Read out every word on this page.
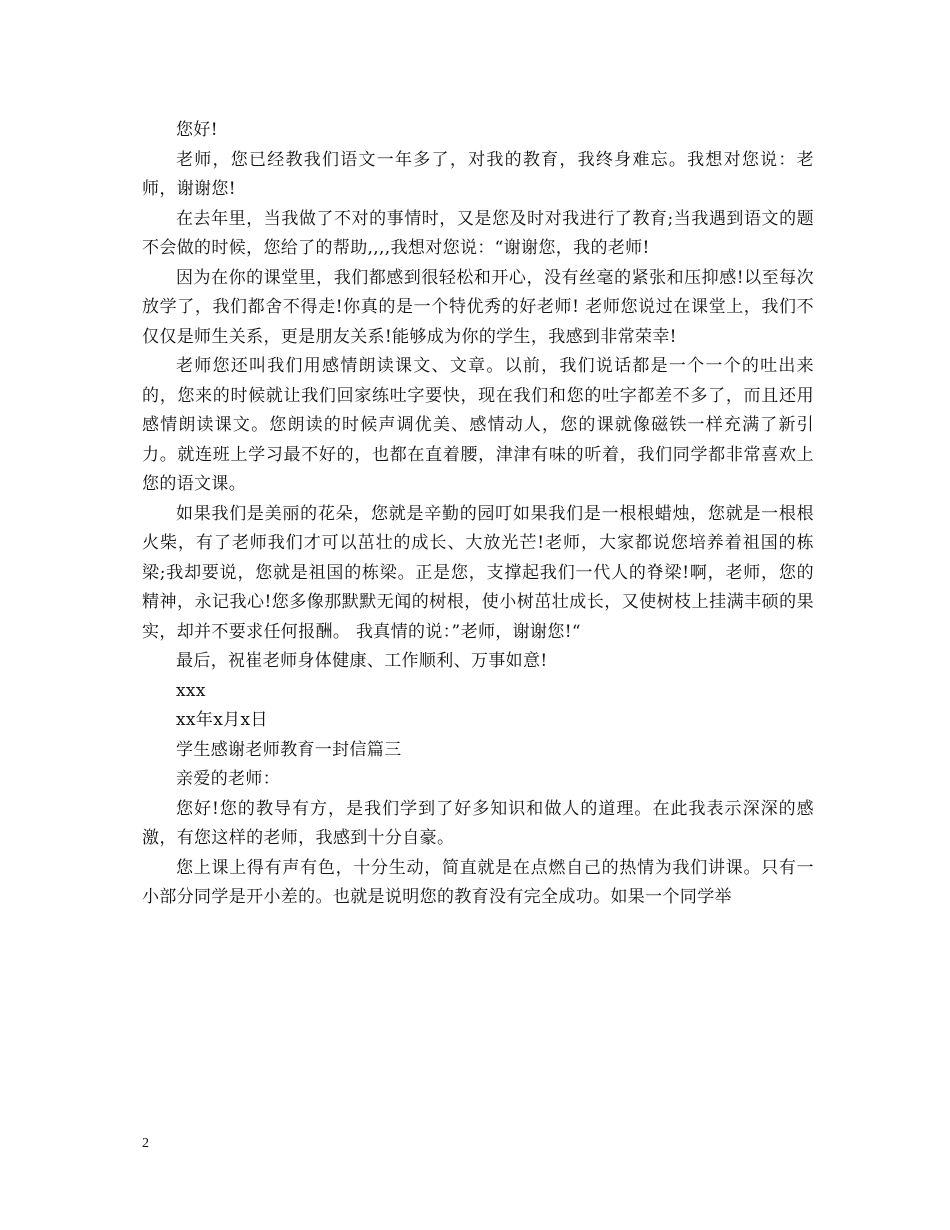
您好!

老师，您已经教我们语文一年多了，对我的教育，我终身难忘。我想对您说：老师，谢谢您!

在去年里，当我做了不对的事情时，又是您及时对我进行了教育;当我遇到语文的题不会做的时候，您给了的帮助,,,,我想对您说：“谢谢您，我的老师!

因为在你的课堂里，我们都感到很轻松和开心，没有丝毫的紧张和压抑感!以至每次放学了，我们都舍不得走!你真的是一个特优秀的好老师! 老师您说过在课堂上，我们不仅仅是师生关系，更是朋友关系!能够成为你的学生，我感到非常荣幸!

老师您还叫我们用感情朗读课文、文章。以前，我们说话都是一个一个的吐出来的，您来的时候就让我们回家练吐字要快，现在我们和您的吐字都差不多了，而且还用感情朗读课文。您朗读的时候声调优美、感情动人，您的课就像磁铁一样充满了新引力。就连班上学习最不好的，也都在直着腰，津津有味的听着，我们同学都非常喜欢上您的语文课。

如果我们是美丽的花朵，您就是辛勤的园叮如果我们是一根根蜡烛，您就是一根根火柴，有了老师我们才可以茁壮的成长、大放光芒!老师，大家都说您培养着祖国的栋梁;我却要说，您就是祖国的栋梁。正是您，支撑起我们一代人的脊梁!啊，老师，您的精神，永记我心!您多像那默默无闻的树根，使小树茁壮成长，又使树枝上挂满丰硕的果实，却并不要求任何报酬。 我真情的说：”老师，谢谢您!“

最后，祝崔老师身体健康、工作顺利、万事如意!

xxx

xx年x月x日

学生感谢老师教育一封信篇三

亲爱的老师：

您好!您的教导有方，是我们学到了好多知识和做人的道理。在此我表示深深的感激，有您这样的老师，我感到十分自豪。

您上课上得有声有色，十分生动，简直就是在点燃自己的热情为我们讲课。只有一小部分同学是开小差的。也就是说明您的教育没有完全成功。如果一个同学举

2
